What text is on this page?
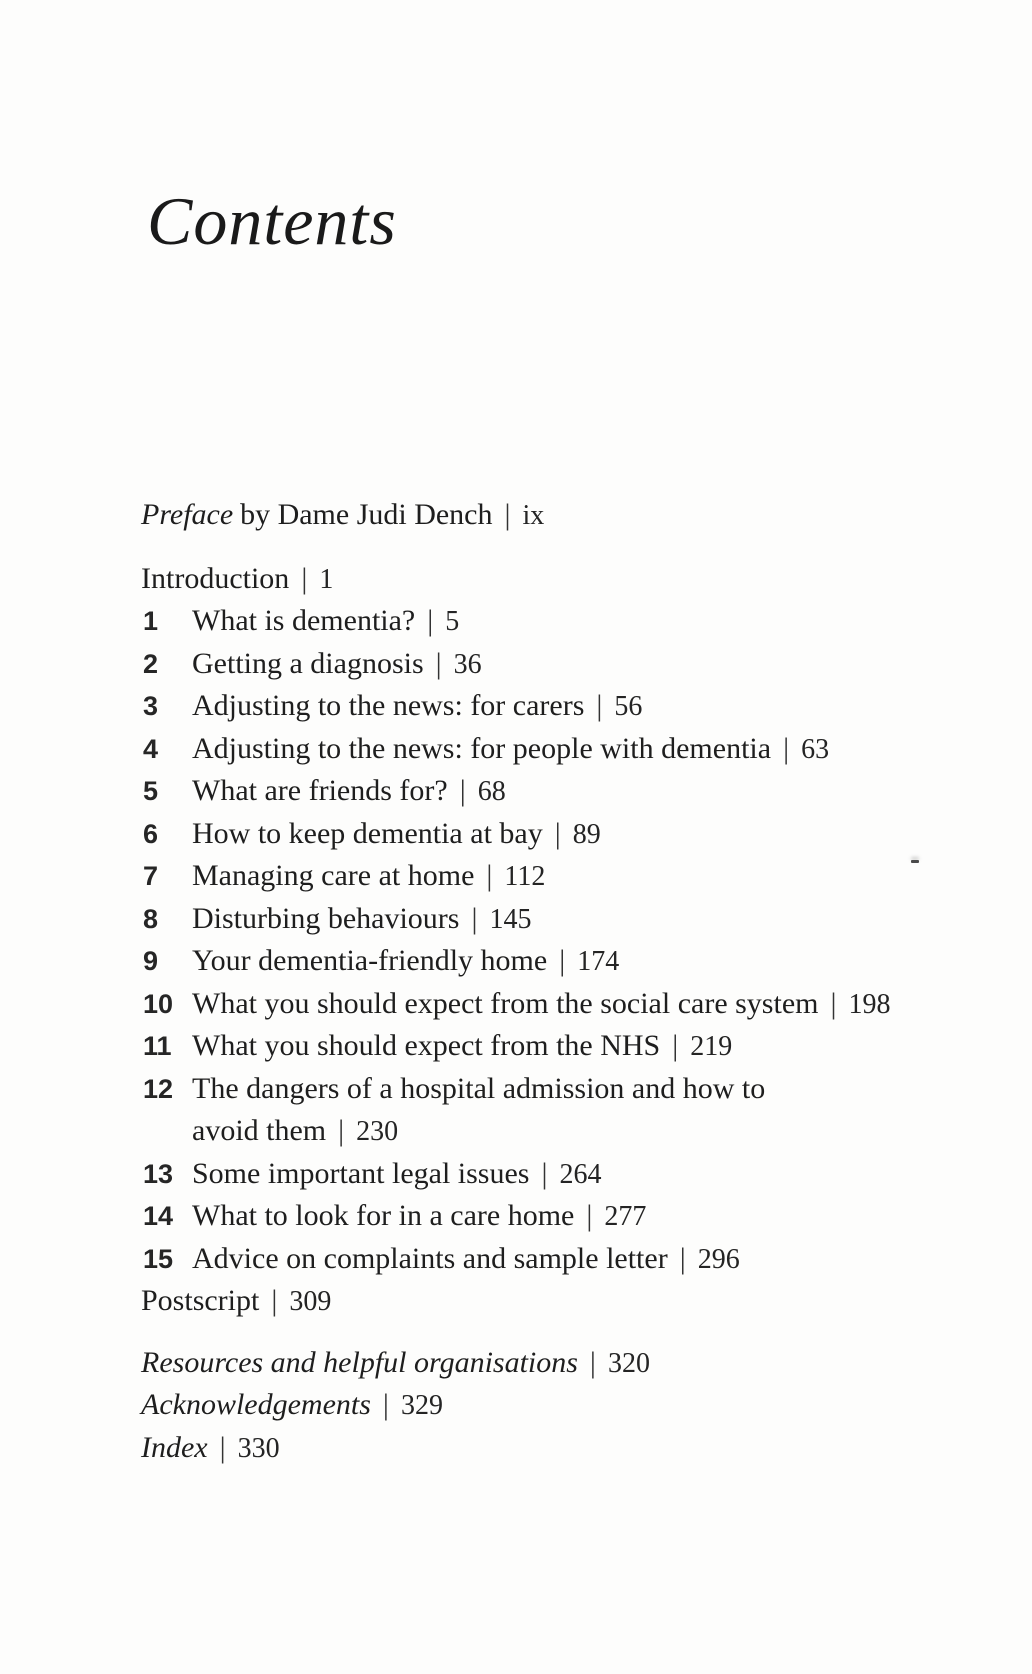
Contents
Preface by Dame Judi Dench | ix
Introduction | 1
1	What is dementia? | 5
2	Getting a diagnosis | 36
3	Adjusting to the news: for carers | 56
4	Adjusting to the news: for people with dementia | 63
5	What are friends for? | 68
6	How to keep dementia at bay | 89
7	Managing care at home | 112
8	Disturbing behaviours | 145
9	Your dementia-friendly home | 174
10 What you should expect from the social care system | 198
11 What you should expect from the NHS | 219
12 The dangers of a hospital admission and how to
avoid them | 230
13 Some important legal issues | 264
14 What to look for in a care home | 277
15 Advice on complaints and sample letter | 296
Postscript | 309
Resources and helpful organisations | 320
Acknowledgements | 329
Index | 330
